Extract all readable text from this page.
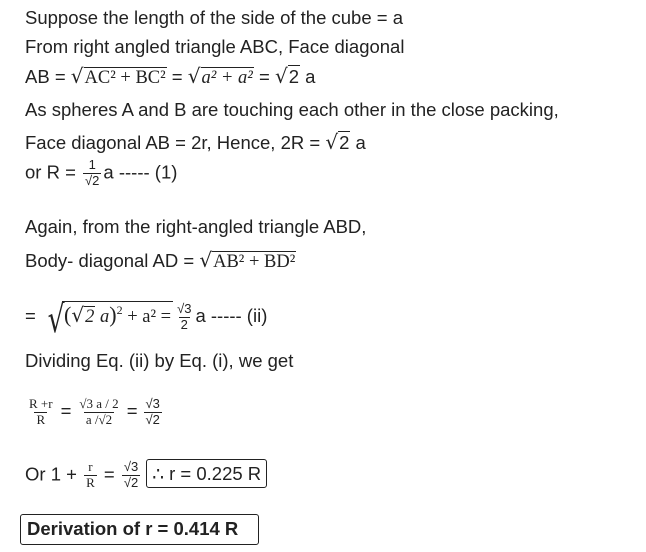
Suppose the length of the side of the cube = a
From right angled triangle ABC, Face diagonal
AB = √AC² + BC² = √a² + a² = √2 a
As spheres A and B are touching each other in the close packing,
Face diagonal AB = 2r, Hence, 2R = √2 a
or $R = \frac{1}{√2}$ a ----- (1)
Again, from the right-angled triangle ABD,
Body- diagonal AD = √AB² + BD²
= √(√2 $a)^2 + a^2 = \frac{√3}{2}$ a ----- (ii)
Dividing Eq. (ii) by Eq. (i), we get
$\frac{R +r}{R} = \frac{√3 a / 2}{a /√2} = \frac{√3}{√2}$
Or $1 + \frac{r}{R} = \frac{√3}{√2}$ ∴ r = 0.225 R
Derivation of r = 0.414 R
